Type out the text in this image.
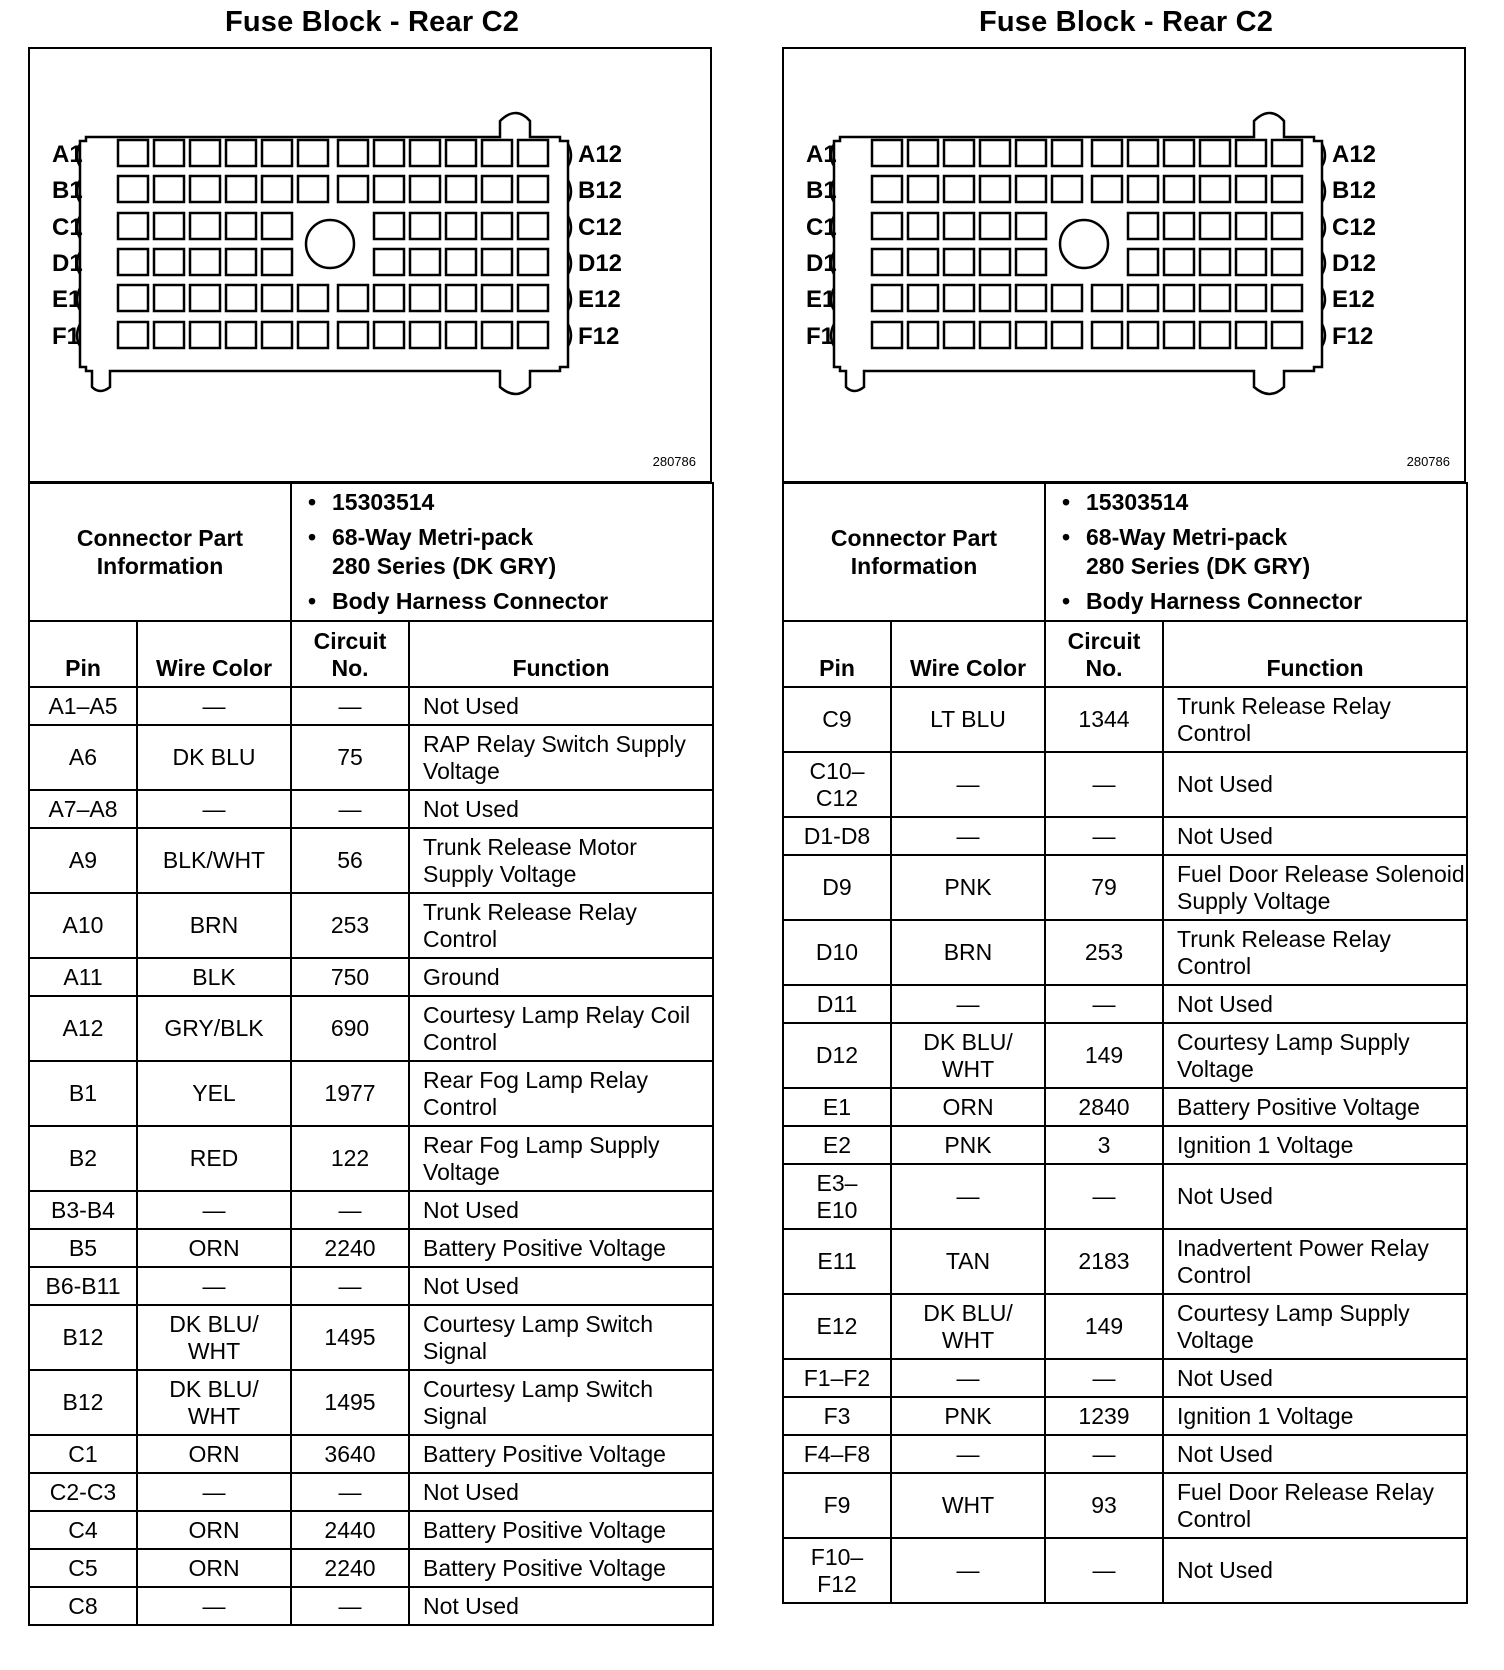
Fuse Block - Rear C2
A1	A12
B1	B12
C1	C12
D1	D12
E1	E12
F1	F12
280786
Connector Part Information	
• 15303514
• 68-Way Metri-pack
280 Series (DK GRY)
• Body Harness Connector
Pin	Wire Color	Circuit No.	Function
A1–A5	—	—	Not Used
A6	DK BLU	75	RAP Relay Switch Supply Voltage
A7–A8	—	—	Not Used
A9	BLK/WHT	56	Trunk Release Motor Supply Voltage
A10	BRN	253	Trunk Release Relay Control
A11	BLK	750	Ground
A12	GRY/BLK	690	Courtesy Lamp Relay Coil Control
B1	YEL	1977	Rear Fog Lamp Relay Control
B2	RED	122	Rear Fog Lamp Supply Voltage
B3-B4	—	—	Not Used
B5	ORN	2240	Battery Positive Voltage
B6-B11	—	—	Not Used
B12	DK BLU/ WHT	1495	Courtesy Lamp Switch Signal
B12	DK BLU/ WHT	1495	Courtesy Lamp Switch Signal
C1	ORN	3640	Battery Positive Voltage
C2-C3	—	—	Not Used
C4	ORN	2440	Battery Positive Voltage
C5	ORN	2240	Battery Positive Voltage
C8	—	—	Not Used
Fuse Block - Rear C2
A1	A12
B1	B12
C1	C12
D1	D12
E1	E12
F1	F12
280786
Connector Part Information	
• 15303514
• 68-Way Metri-pack
280 Series (DK GRY)
• Body Harness Connector
Pin	Wire Color	Circuit No.	Function
C9	LT BLU	1344	Trunk Release Relay Control
C10– C12	—	—	Not Used
D1-D8	—	—	Not Used
D9	PNK	79	Fuel Door Release Solenoid Supply Voltage
D10	BRN	253	Trunk Release Relay Control
D11	—	—	Not Used
D12	DK BLU/ WHT	149	Courtesy Lamp Supply Voltage
E1	ORN	2840	Battery Positive Voltage
E2	PNK	3	Ignition 1 Voltage
E3– E10	—	—	Not Used
E11	TAN	2183	Inadvertent Power Relay Control
E12	DK BLU/ WHT	149	Courtesy Lamp Supply Voltage
F1–F2	—	—	Not Used
F3	PNK	1239	Ignition 1 Voltage
F4–F8	—	—	Not Used
F9	WHT	93	Fuel Door Release Relay Control
F10– F12	—	—	Not Used
